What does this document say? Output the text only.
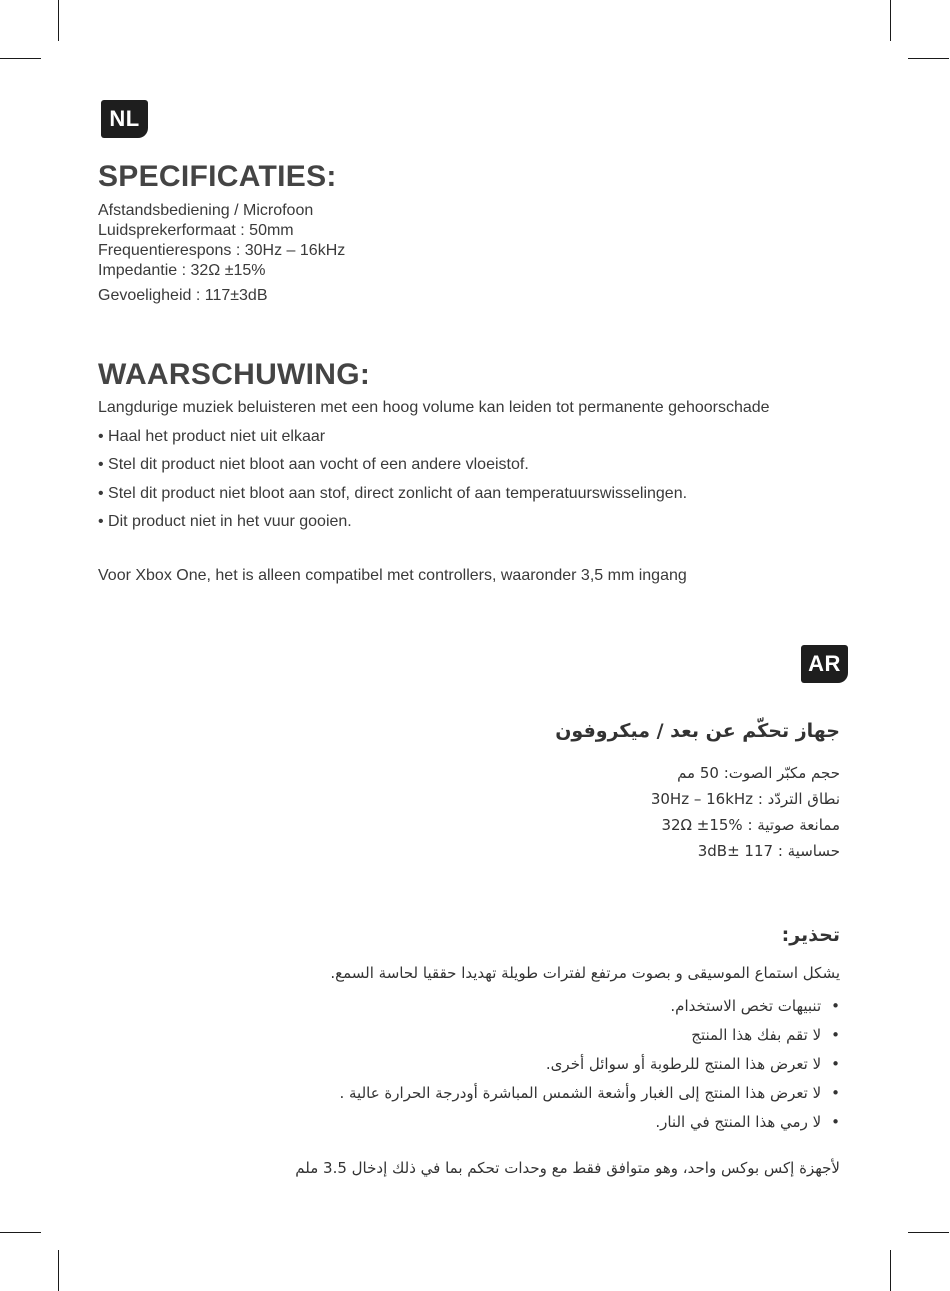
NL
SPECIFICATIES:
Afstandsbediening / Microfoon
Luidsprekerformaat : 50mm
Frequentierespons : 30Hz – 16kHz
Impedantie : 32Ω ±15%
Gevoeligheid : 117±3dB
WAARSCHUWING:

Langdurige muziek beluisteren met een hoog volume kan leiden tot permanente gehoorschade

• Haal het product niet uit elkaar
• Stel dit product niet bloot aan vocht of een andere vloeistof.
• Stel dit product niet bloot aan stof, direct zonlicht of aan temperatuurswisselingen.
• Dit product niet in het vuur gooien.

Voor Xbox One, het is alleen compatibel met controllers, waaronder 3,5 mm ingang

AR

جهاز تحكّم عن بعد / ميكروفون

حجم مكبّر الصوت: 50 مم
نطاق التردّد : 30Hz – 16kHz
ممانعة صوتية : 32Ω ±15%
حساسية : 117 ±3dB

تحذير:

يشكل استماع الموسيقى و بصوت مرتفع لفترات طويلة تهديدا حققيا لحاسة السمع.

•تنبيهات تخص الاستخدام.
•لا تقم بفك هذا المنتج
•لا تعرض هذا المنتج للرطوبة أو سوائل أخرى.
•لا تعرض هذا المنتج إلى الغبار وأشعة الشمس المباشرة أودرجة الحرارة عالية .
•لا رمي هذا المنتج في النار.

لأجهزة إكس بوكس واحد، وهو متوافق فقط مع وحدات تحكم بما في ذلك إدخال 3.5 ملم
